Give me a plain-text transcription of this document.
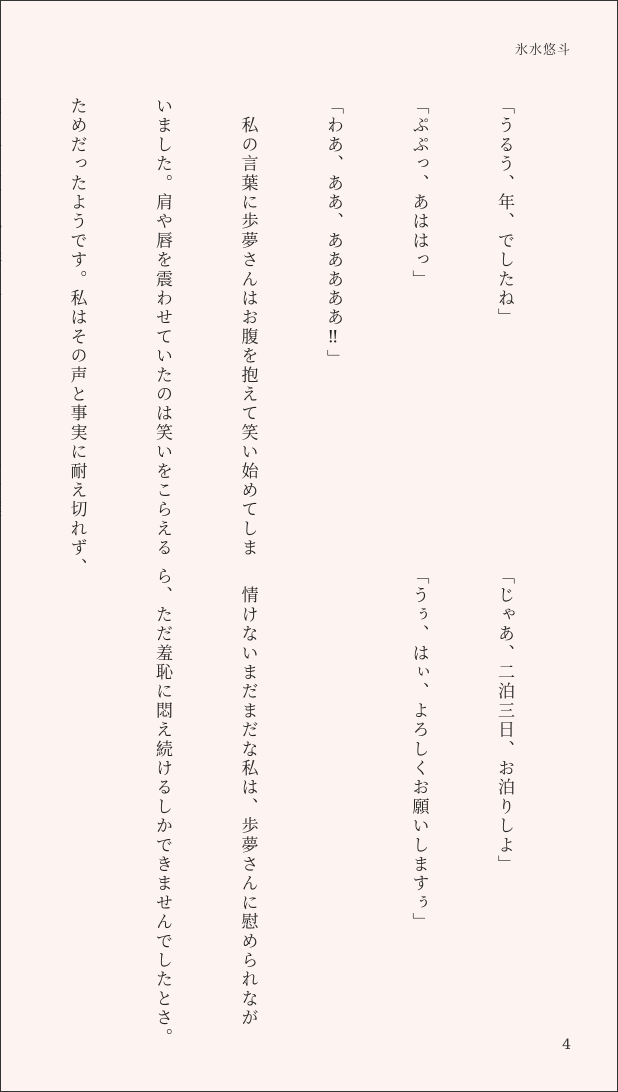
氷水悠斗

「うるう、年、でしたね」

「ぷぷっ、あははっ」

「わあ、ああ、あああああ‼」

　私の言葉に歩夢さんはお腹を抱えて笑い始めてしま

いました。肩や唇を震わせていたのは笑いをこらえる

ためだったようです。私はその声と事実に耐え切れず、

「じゃあ、二泊三日、お泊りしよ」

「うぅ、はぃ、よろしくお願いしますぅ」

　情けないまだまだな私は、歩夢さんに慰められなが

ら、ただ羞恥に悶え続けるしかできませんでしたとさ。

	4
